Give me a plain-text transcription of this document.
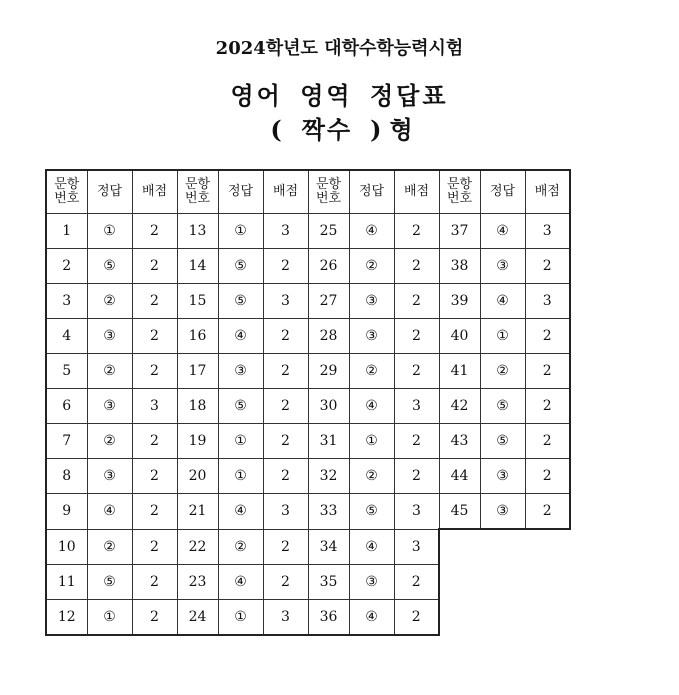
2024학년도 대학수학능력시험
영어 영역 정답표
( 짝수 ) 형
문항
번호	정답	배점	문항
번호	정답	배점	문항
번호	정답	배점	문항
번호	정답	배점
1	①	2	13	①	3	25	④	2	37	④	3
2	⑤	2	14	⑤	2	26	②	2	38	③	2
3	②	2	15	⑤	3	27	③	2	39	④	3
4	③	2	16	④	2	28	③	2	40	①	2
5	②	2	17	③	2	29	②	2	41	②	2
6	③	3	18	⑤	2	30	④	3	42	⑤	2
7	②	2	19	①	2	31	①	2	43	⑤	2
8	③	2	20	①	2	32	②	2	44	③	2
9	④	2	21	④	3	33	⑤	3	45	③	2
10	②	2	22	②	2	34	④	3			
11	⑤	2	23	④	2	35	③	2			
12	①	2	24	①	3	36	④	2			
